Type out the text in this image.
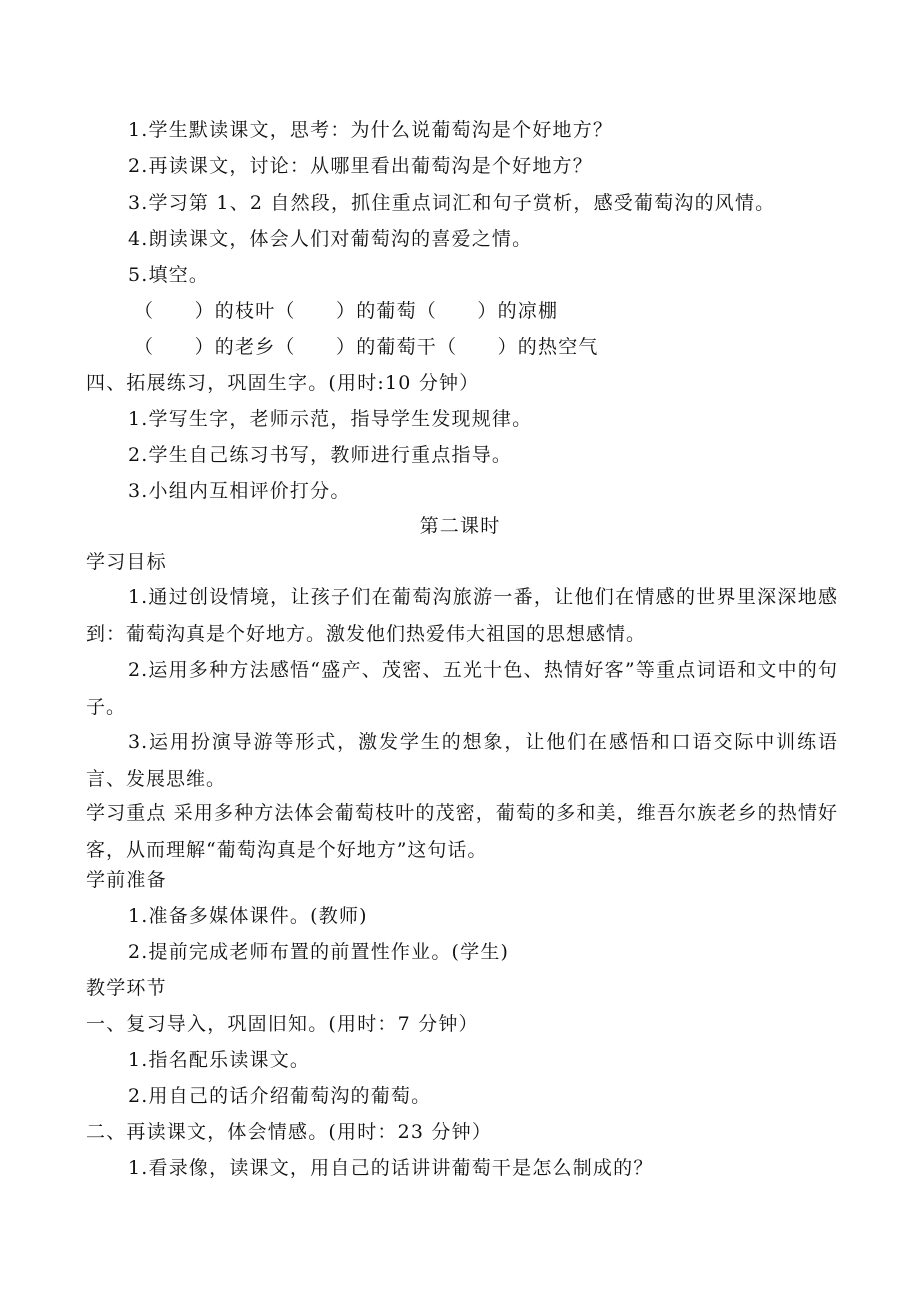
1.学生默读课文，思考：为什么说葡萄沟是个好地方？
2.再读课文，讨论：从哪里看出葡萄沟是个好地方？
3.学习第 1、2 自然段，抓住重点词汇和句子赏析，感受葡萄沟的风情。
4.朗读课文，体会人们对葡萄沟的喜爱之情。
5.填空。
（　　）的枝叶（　　）的葡萄（　　）的凉棚
（　　）的老乡（　　）的葡萄干（　　）的热空气
四、拓展练习，巩固生字。(用时:10 分钟）
1.学写生字，老师示范，指导学生发现规律。
2.学生自己练习书写，教师进行重点指导。
3.小组内互相评价打分。
第二课时
学习目标
1.通过创设情境，让孩子们在葡萄沟旅游一番，让他们在情感的世界里深深地感到：葡萄沟真是个好地方。激发他们热爱伟大祖国的思想感情。
2.运用多种方法感悟“盛产、茂密、五光十色、热情好客”等重点词语和文中的句子。
3.运用扮演导游等形式，激发学生的想象，让他们在感悟和口语交际中训练语言、发展思维。
学习重点 采用多种方法体会葡萄枝叶的茂密，葡萄的多和美，维吾尔族老乡的热情好客，从而理解“葡萄沟真是个好地方”这句话。
学前准备
1.准备多媒体课件。(教师)
2.提前完成老师布置的前置性作业。(学生)
教学环节
一、复习导入，巩固旧知。(用时：7 分钟）
1.指名配乐读课文。
2.用自己的话介绍葡萄沟的葡萄。
二、再读课文，体会情感。(用时：23 分钟）
1.看录像，读课文，用自己的话讲讲葡萄干是怎么制成的？
